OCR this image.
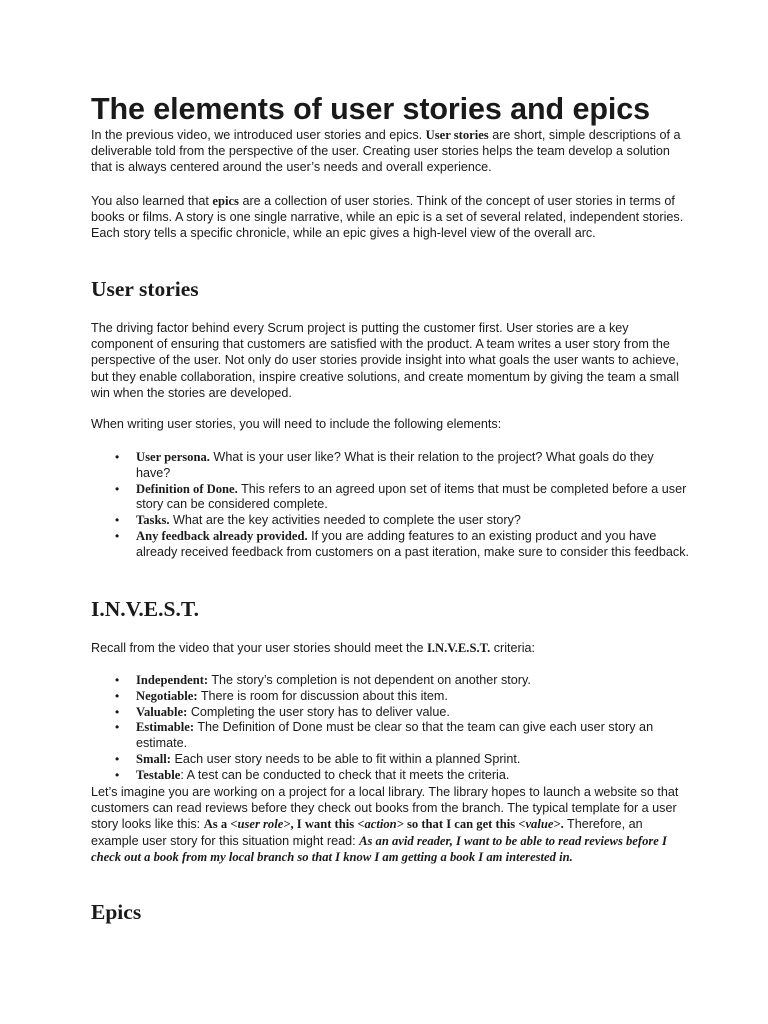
The elements of user stories and epics

In the previous video, we introduced user stories and epics. User stories are short, simple descriptions of a deliverable told from the perspective of the user. Creating user stories helps the team develop a solution that is always centered around the user’s needs and overall experience.

You also learned that epics are a collection of user stories. Think of the concept of user stories in terms of books or films. A story is one single narrative, while an epic is a set of several related, independent stories. Each story tells a specific chronicle, while an epic gives a high-level view of the overall arc.

User stories

The driving factor behind every Scrum project is putting the customer first. User stories are a key component of ensuring that customers are satisfied with the product. A team writes a user story from the perspective of the user. Not only do user stories provide insight into what goals the user wants to achieve, but they enable collaboration, inspire creative solutions, and create momentum by giving the team a small win when the stories are developed.

When writing user stories, you will need to include the following elements:

• User persona. What is your user like? What is their relation to the project? What goals do they have?
• Definition of Done. This refers to an agreed upon set of items that must be completed before a user story can be considered complete.
• Tasks. What are the key activities needed to complete the user story?
• Any feedback already provided. If you are adding features to an existing product and you have already received feedback from customers on a past iteration, make sure to consider this feedback.
I.N.V.E.S.T.

Recall from the video that your user stories should meet the I.N.V.E.S.T. criteria:

• Independent: The story’s completion is not dependent on another story.
• Negotiable: There is room for discussion about this item.
• Valuable: Completing the user story has to deliver value.
• Estimable: The Definition of Done must be clear so that the team can give each user story an estimate.
• Small: Each user story needs to be able to fit within a planned Sprint.
• Testable: A test can be conducted to check that it meets the criteria.

Let’s imagine you are working on a project for a local library. The library hopes to launch a website so that customers can read reviews before they check out books from the branch. The typical template for a user story looks like this: As a <user role>, I want this <action> so that I can get this <value>. Therefore, an example user story for this situation might read: As an avid reader, I want to be able to read reviews before I check out a book from my local branch so that I know I am getting a book I am interested in.

Epics
